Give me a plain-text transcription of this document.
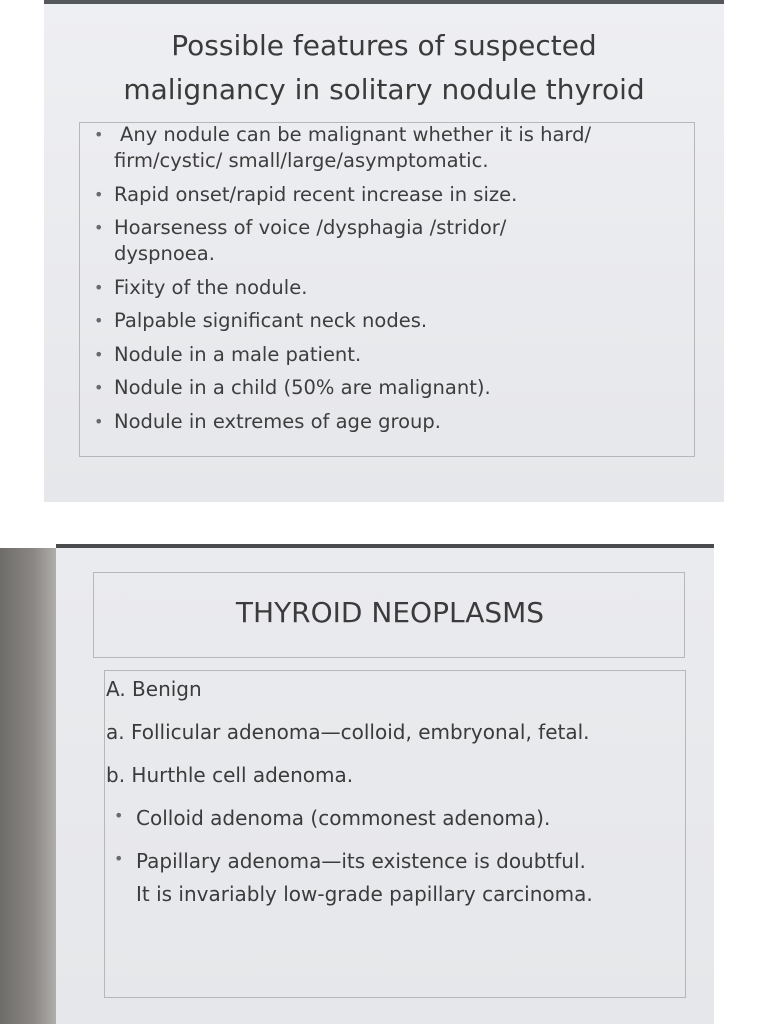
Possible features of suspected
malignancy in solitary nodule thyroid
• Any nodule can be malignant whether it is hard/
firm/cystic/ small/large/asymptomatic.
• Rapid onset/rapid recent increase in size.
• Hoarseness of voice /dysphagia /stridor/
dyspnoea.
• Fixity of the nodule.
• Palpable significant neck nodes.
• Nodule in a male patient.
• Nodule in a child (50% are malignant).
• Nodule in extremes of age group.
THYROID NEOPLASMS
A. Benign
a. Follicular adenoma—colloid, embryonal, fetal.
b. Hurthle cell adenoma.
• Colloid adenoma (commonest adenoma).
• Papillary adenoma—its existence is doubtful.
It is invariably low-grade papillary carcinoma.
